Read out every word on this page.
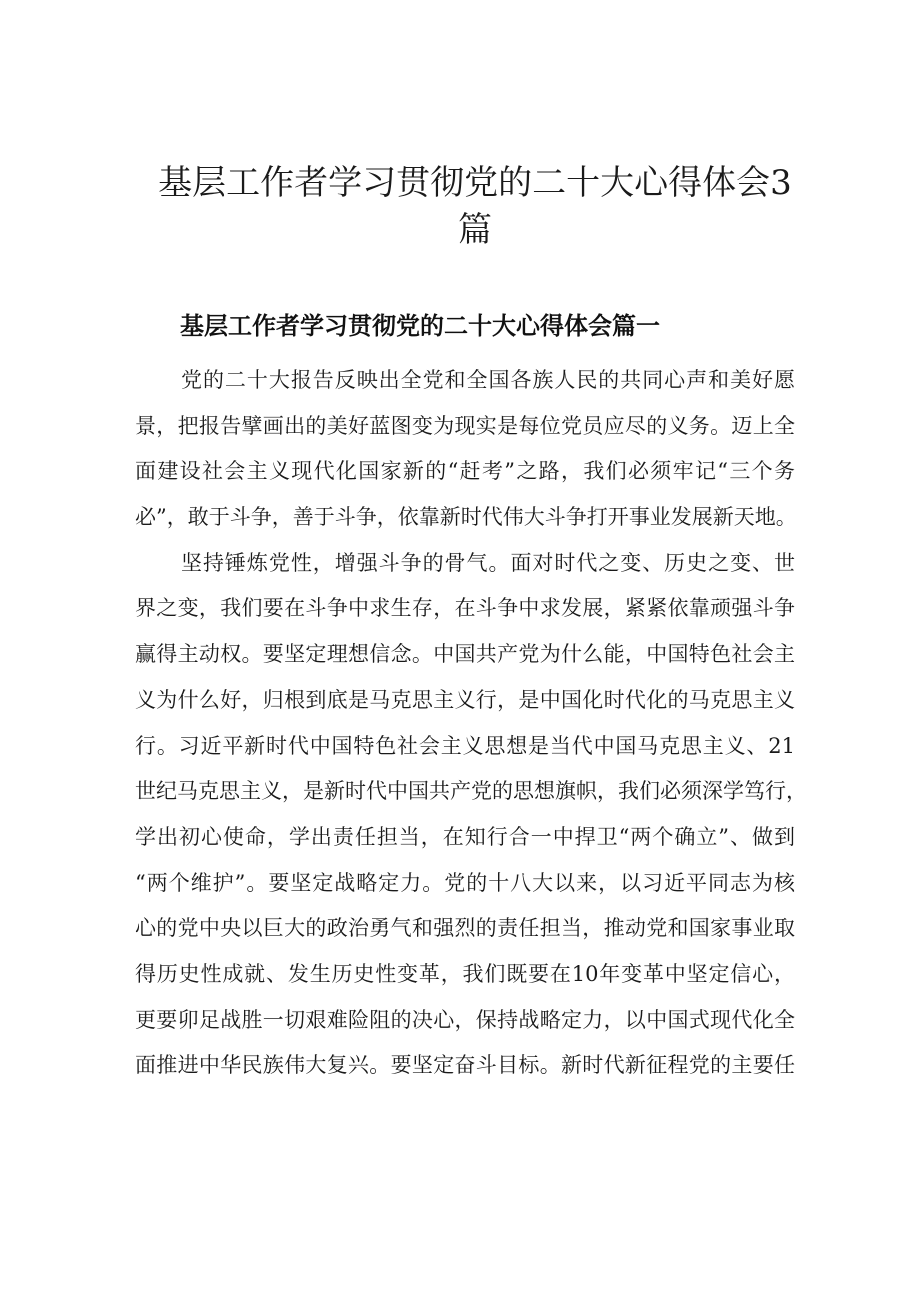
基层工作者学习贯彻党的二十大心得体会3
篇
基层工作者学习贯彻党的二十大心得体会篇一
党的二十大报告反映出全党和全国各族人民的共同心声和美好愿
景，把报告擘画出的美好蓝图变为现实是每位党员应尽的义务。迈上全
面建设社会主义现代化国家新的“赶考”之路，我们必须牢记“三个务
必”，敢于斗争，善于斗争，依靠新时代伟大斗争打开事业发展新天地。
坚持锤炼党性，增强斗争的骨气。面对时代之变、历史之变、世
界之变，我们要在斗争中求生存，在斗争中求发展，紧紧依靠顽强斗争
赢得主动权。要坚定理想信念。中国共产党为什么能，中国特色社会主
义为什么好，归根到底是马克思主义行，是中国化时代化的马克思主义
行。习近平新时代中国特色社会主义思想是当代中国马克思主义、21
世纪马克思主义，是新时代中国共产党的思想旗帜，我们必须深学笃行，
学出初心使命，学出责任担当，在知行合一中捍卫“两个确立”、做到
“两个维护”。要坚定战略定力。党的十八大以来，以习近平同志为核
心的党中央以巨大的政治勇气和强烈的责任担当，推动党和国家事业取
得历史性成就、发生历史性变革，我们既要在10年变革中坚定信心，
更要卯足战胜一切艰难险阻的决心，保持战略定力，以中国式现代化全
面推进中华民族伟大复兴。要坚定奋斗目标。新时代新征程党的主要任
